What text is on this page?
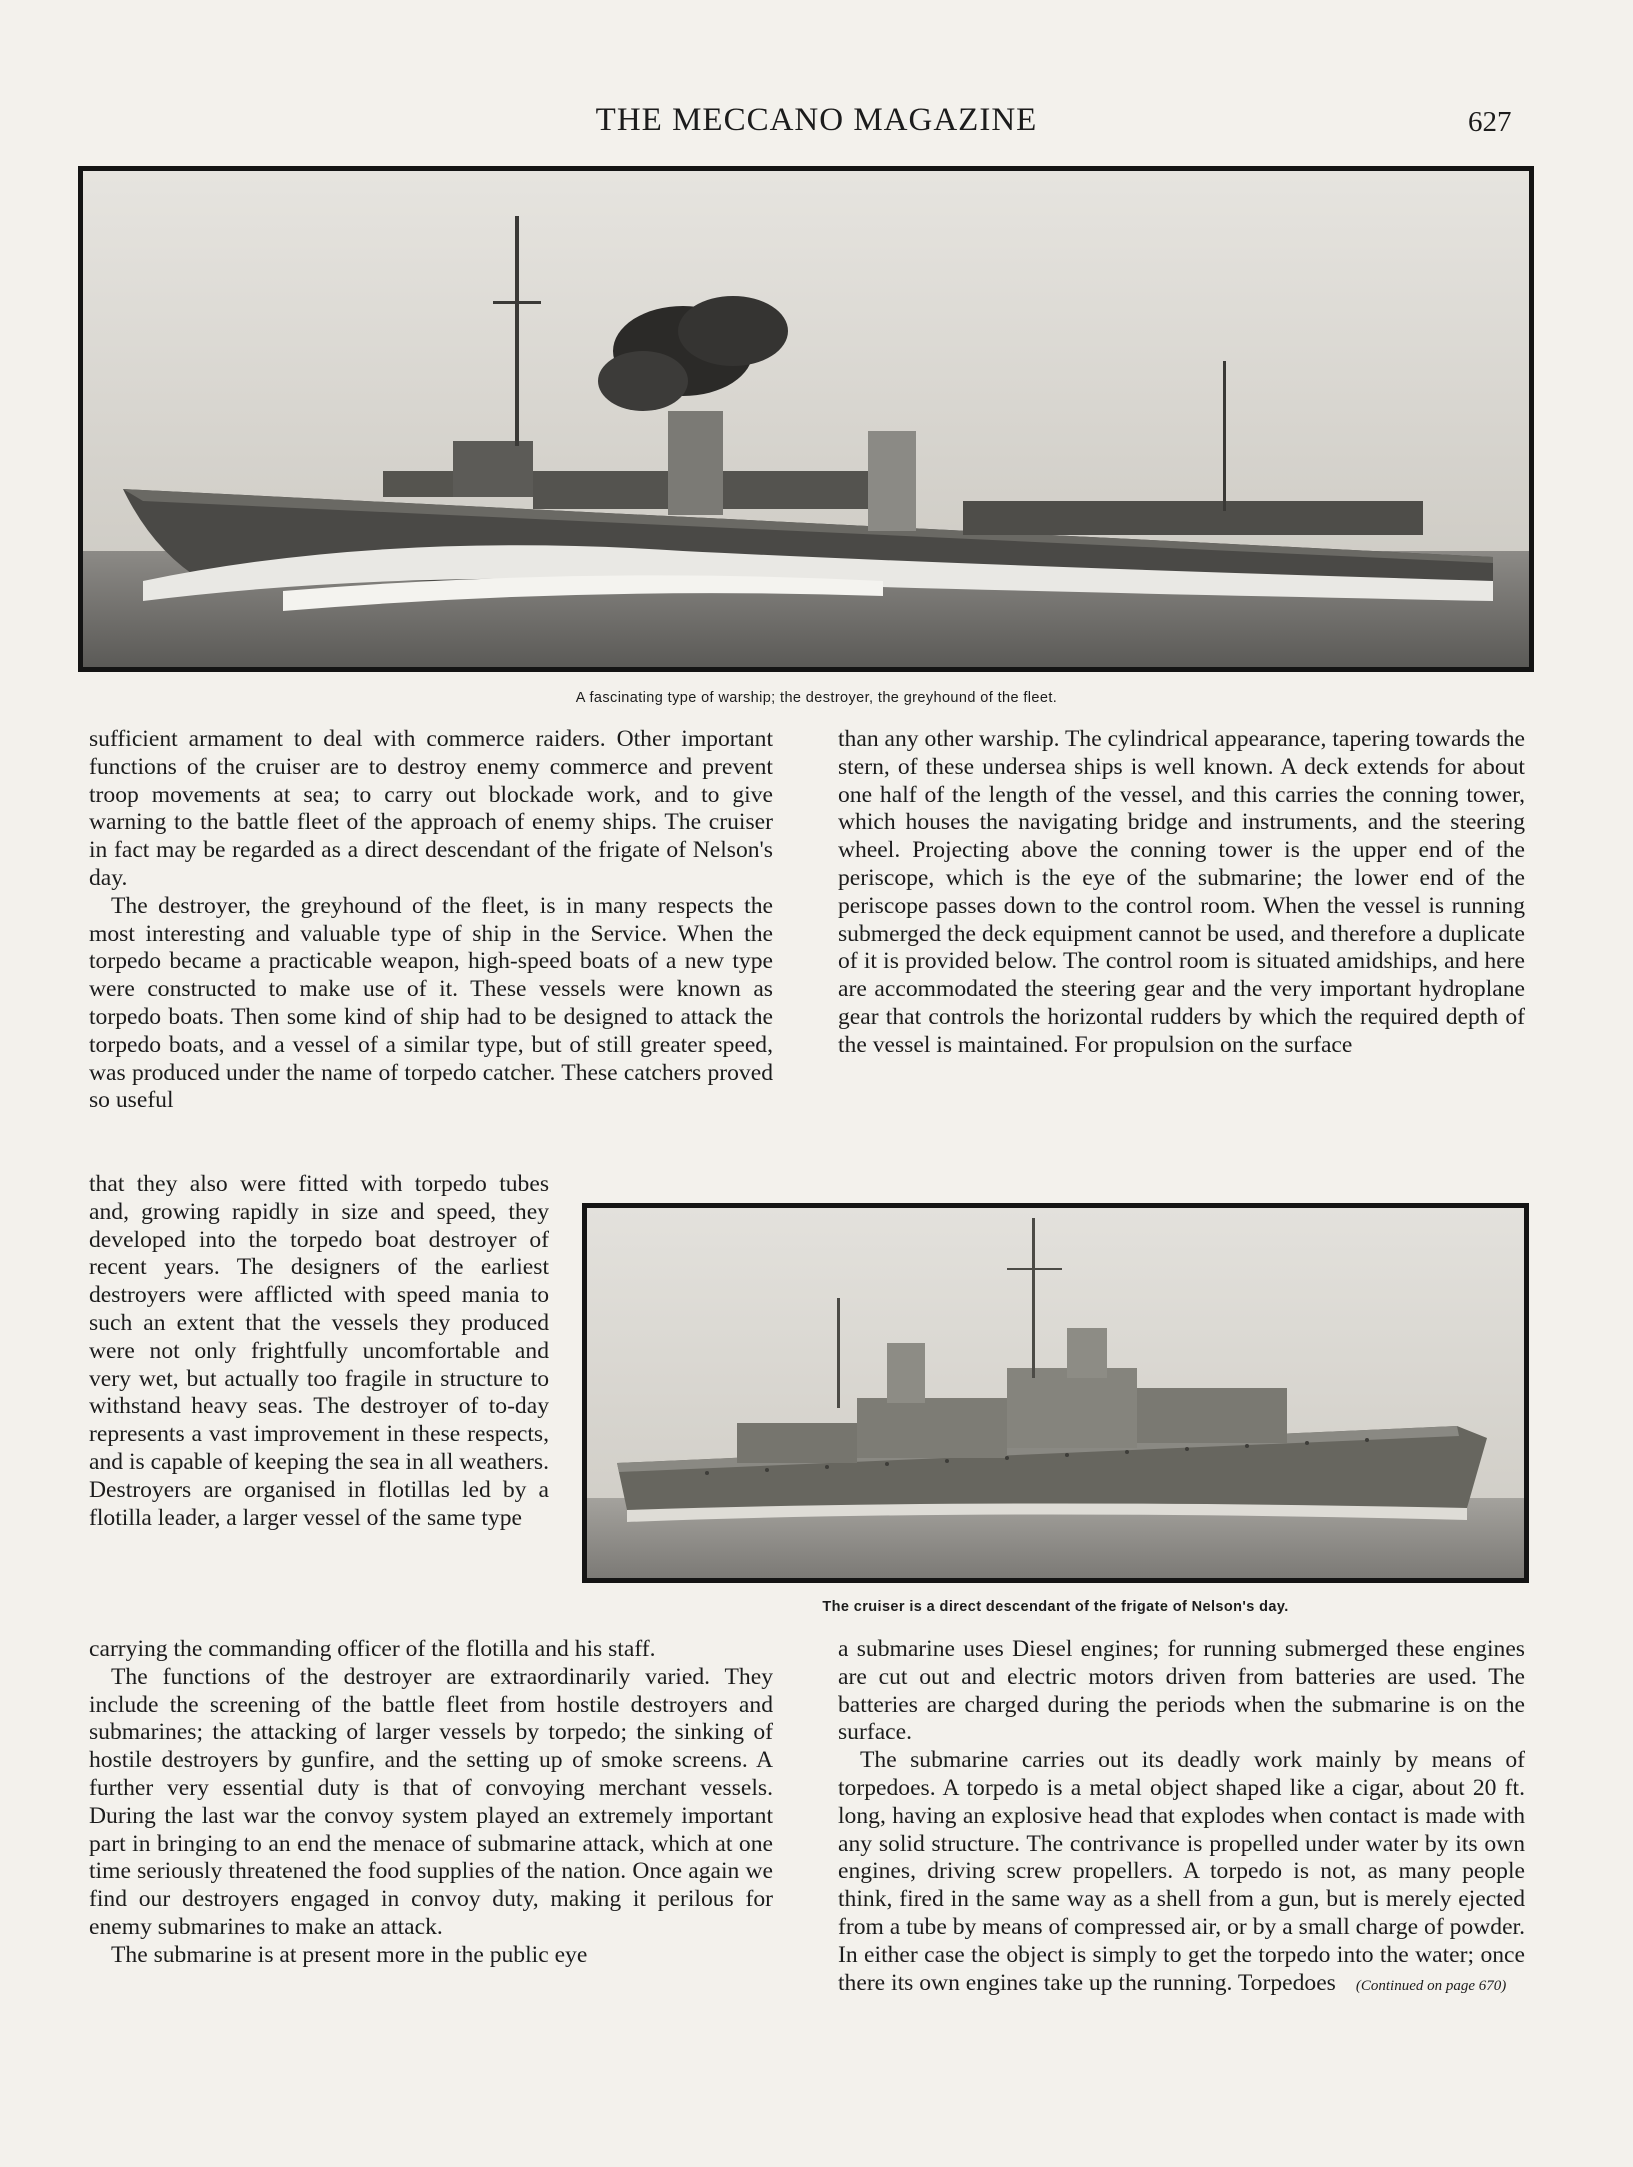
THE MECCANO MAGAZINE	627
A fascinating type of warship; the destroyer, the greyhound of the fleet.

sufficient armament to deal with commerce raiders. Other important functions of the cruiser are to destroy enemy commerce and prevent troop movements at sea; to carry out blockade work, and to give warning to the battle fleet of the approach of enemy ships. The cruiser in fact may be regarded as a direct descendant of the frigate of Nelson's day.

The destroyer, the greyhound of the fleet, is in many respects the most interesting and valuable type of ship in the Service. When the torpedo became a practicable weapon, high-speed boats of a new type were constructed to make use of it. These vessels were known as torpedo boats. Then some kind of ship had to be designed to attack the torpedo boats, and a vessel of a similar type, but of still greater speed, was produced under the name of torpedo catcher. These catchers proved so useful

than any other warship. The cylindrical appearance, tapering towards the stern, of these undersea ships is well known. A deck extends for about one half of the length of the vessel, and this carries the conning tower, which houses the navigating bridge and instruments, and the steering wheel. Projecting above the conning tower is the upper end of the periscope, which is the eye of the submarine; the lower end of the periscope passes down to the control room. When the vessel is running submerged the deck equipment cannot be used, and therefore a duplicate of it is provided below. The control room is situated amidships, and here are accommodated the steering gear and the very important hydroplane gear that controls the horizontal rudders by which the required depth of the vessel is maintained. For propulsion on the surface

that they also were fitted with torpedo tubes and, growing rapidly in size and speed, they developed into the torpedo boat destroyer of recent years. The designers of the earliest destroyers were afflicted with speed mania to such an extent that the vessels they produced were not only frightfully uncomfortable and very wet, but actually too fragile in structure to withstand heavy seas. The destroyer of to-day represents a vast improvement in these respects, and is capable of keeping the sea in all weathers. Destroyers are organised in flotillas led by a flotilla leader, a larger vessel of the same type

The cruiser is a direct descendant of the frigate of Nelson's day.

carrying the commanding officer of the flotilla and his staff.

The functions of the destroyer are extraordinarily varied. They include the screening of the battle fleet from hostile destroyers and submarines; the attacking of larger vessels by torpedo; the sinking of hostile destroyers by gunfire, and the setting up of smoke screens. A further very essential duty is that of convoying merchant vessels. During the last war the convoy system played an extremely important part in bringing to an end the menace of submarine attack, which at one time seriously threatened the food supplies of the nation. Once again we find our destroyers engaged in convoy duty, making it perilous for enemy submarines to make an attack.

The submarine is at present more in the public eye

a submarine uses Diesel engines; for running submerged these engines are cut out and electric motors driven from batteries are used. The batteries are charged during the periods when the submarine is on the surface.

The submarine carries out its deadly work mainly by means of torpedoes. A torpedo is a metal object shaped like a cigar, about 20 ft. long, having an explosive head that explodes when contact is made with any solid structure. The contrivance is propelled under water by its own engines, driving screw propellers. A torpedo is not, as many people think, fired in the same way as a shell from a gun, but is merely ejected from a tube by means of compressed air, or by a small charge of powder. In either case the object is simply to get the torpedo into the water; once there its own engines take up the running. Torpedoes (Continued on page 670)
